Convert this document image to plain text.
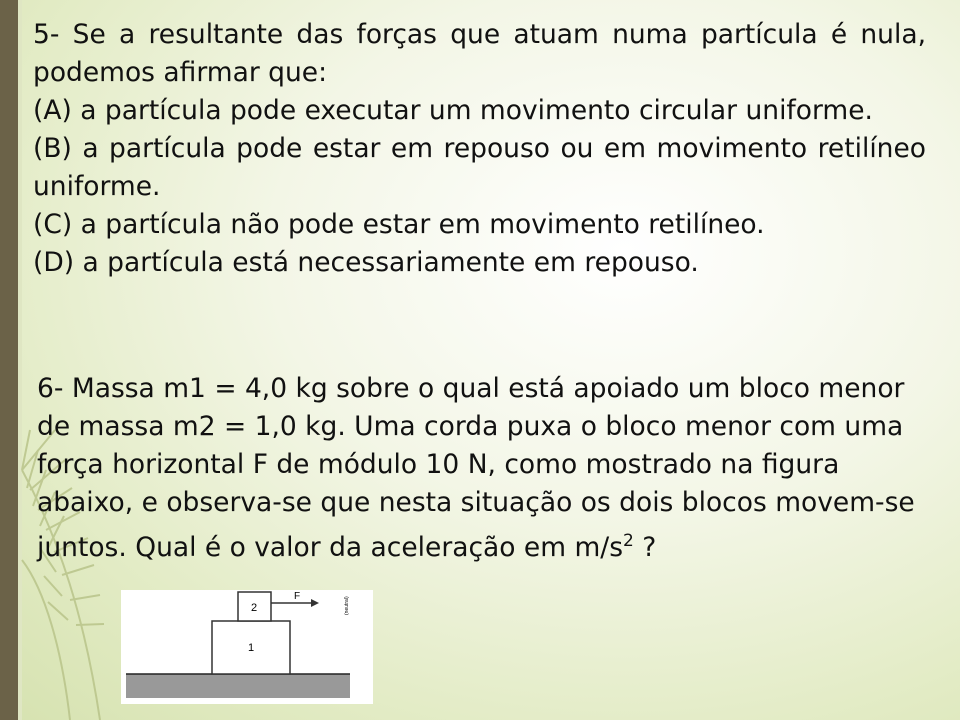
5- Se a resultante das forças que atuam numa partícula é nula, podemos afirmar que:

(A) a partícula pode executar um movimento circular uniforme.

(B) a partícula pode estar em repouso ou em movimento retilíneo uniforme.

(C) a partícula não pode estar em movimento retilíneo.

(D) a partícula está necessariamente em repouso.

6- Massa m1 = 4,0 kg sobre o qual está apoiado um bloco menor de massa m2 = 1,0 kg. Uma corda puxa o bloco menor com uma força horizontal F de módulo 10 N, como mostrado na figura abaixo, e observa-se que nesta situação os dois blocos movem-se juntos. Qual é o valor da aceleração em $m/s^2$ ?
1
2
F	(neutral)
